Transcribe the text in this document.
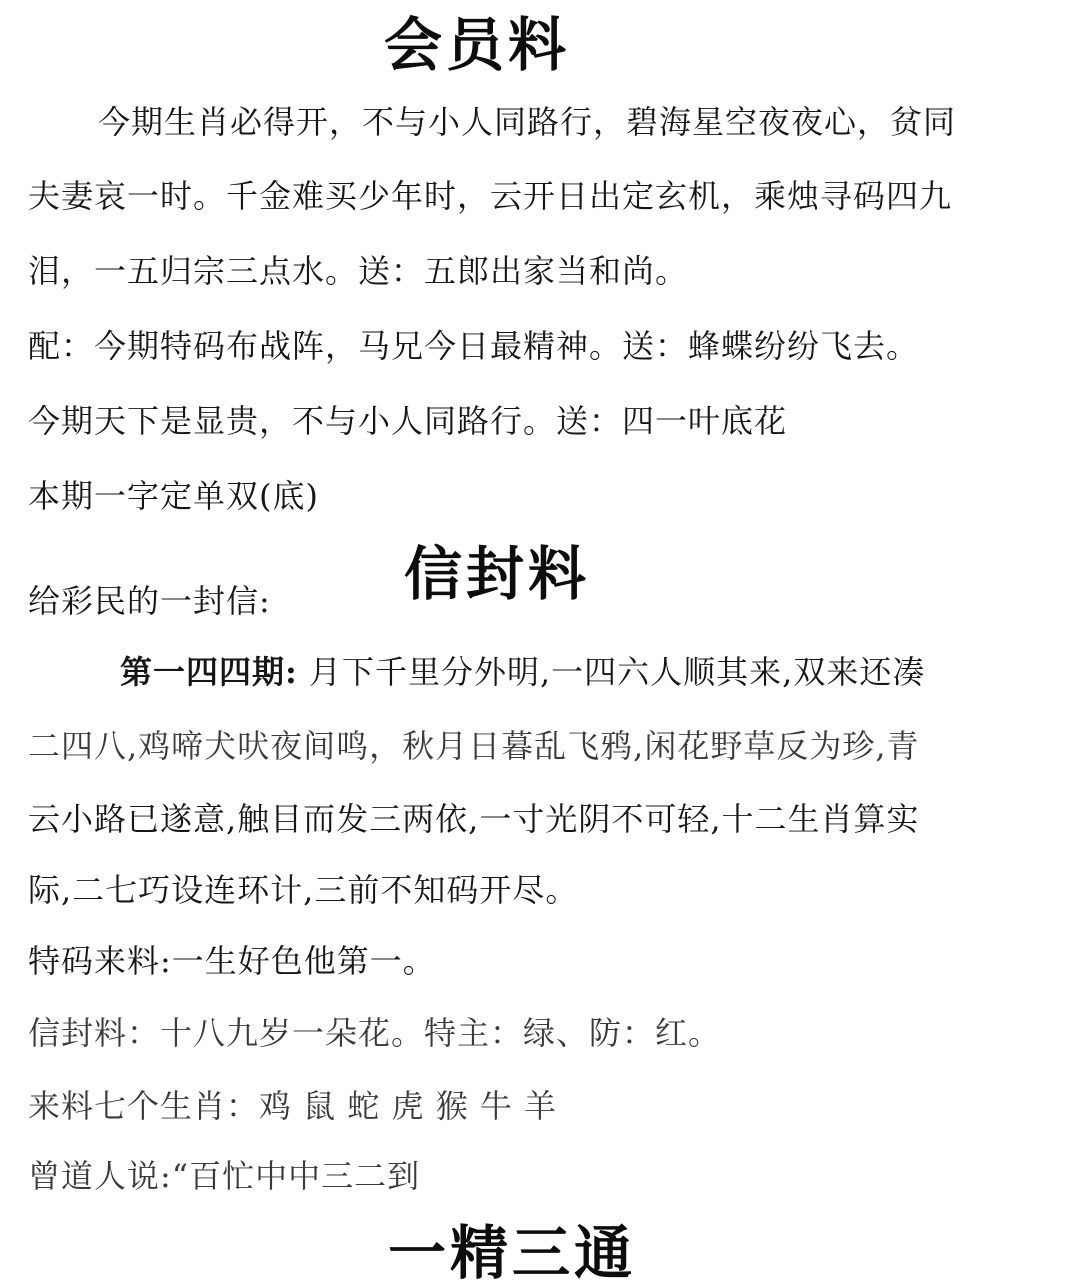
会员料
今期生肖必得开，不与小人同路行，碧海星空夜夜心，贫同
夫妻哀一时。千金难买少年时，云开日出定玄机，乘烛寻码四九
泪，一五归宗三点水。送：五郎出家当和尚。
配：今期特码布战阵，马兄今日最精神。送：蜂蝶纷纷飞去。
今期天下是显贵，不与小人同路行。送：四一叶底花
本期一字定单双(底)
信封料
给彩民的一封信:
第一四四期: 月下千里分外明,一四六人顺其来,双来还凑
二四八,鸡啼犬吠夜间鸣，秋月日暮乱飞鸦,闲花野草反为珍,青
云小路已遂意,触目而发三两依,一寸光阴不可轻,十二生肖算实
际,二七巧设连环计,三前不知码开尽。
特码来料:一生好色他第一。
信封料：十八九岁一朵花。特主：绿、防：红。
来料七个生肖：鸡 鼠 蛇 虎 猴 牛 羊
曾道人说:“百忙中中三二到
一精三通
